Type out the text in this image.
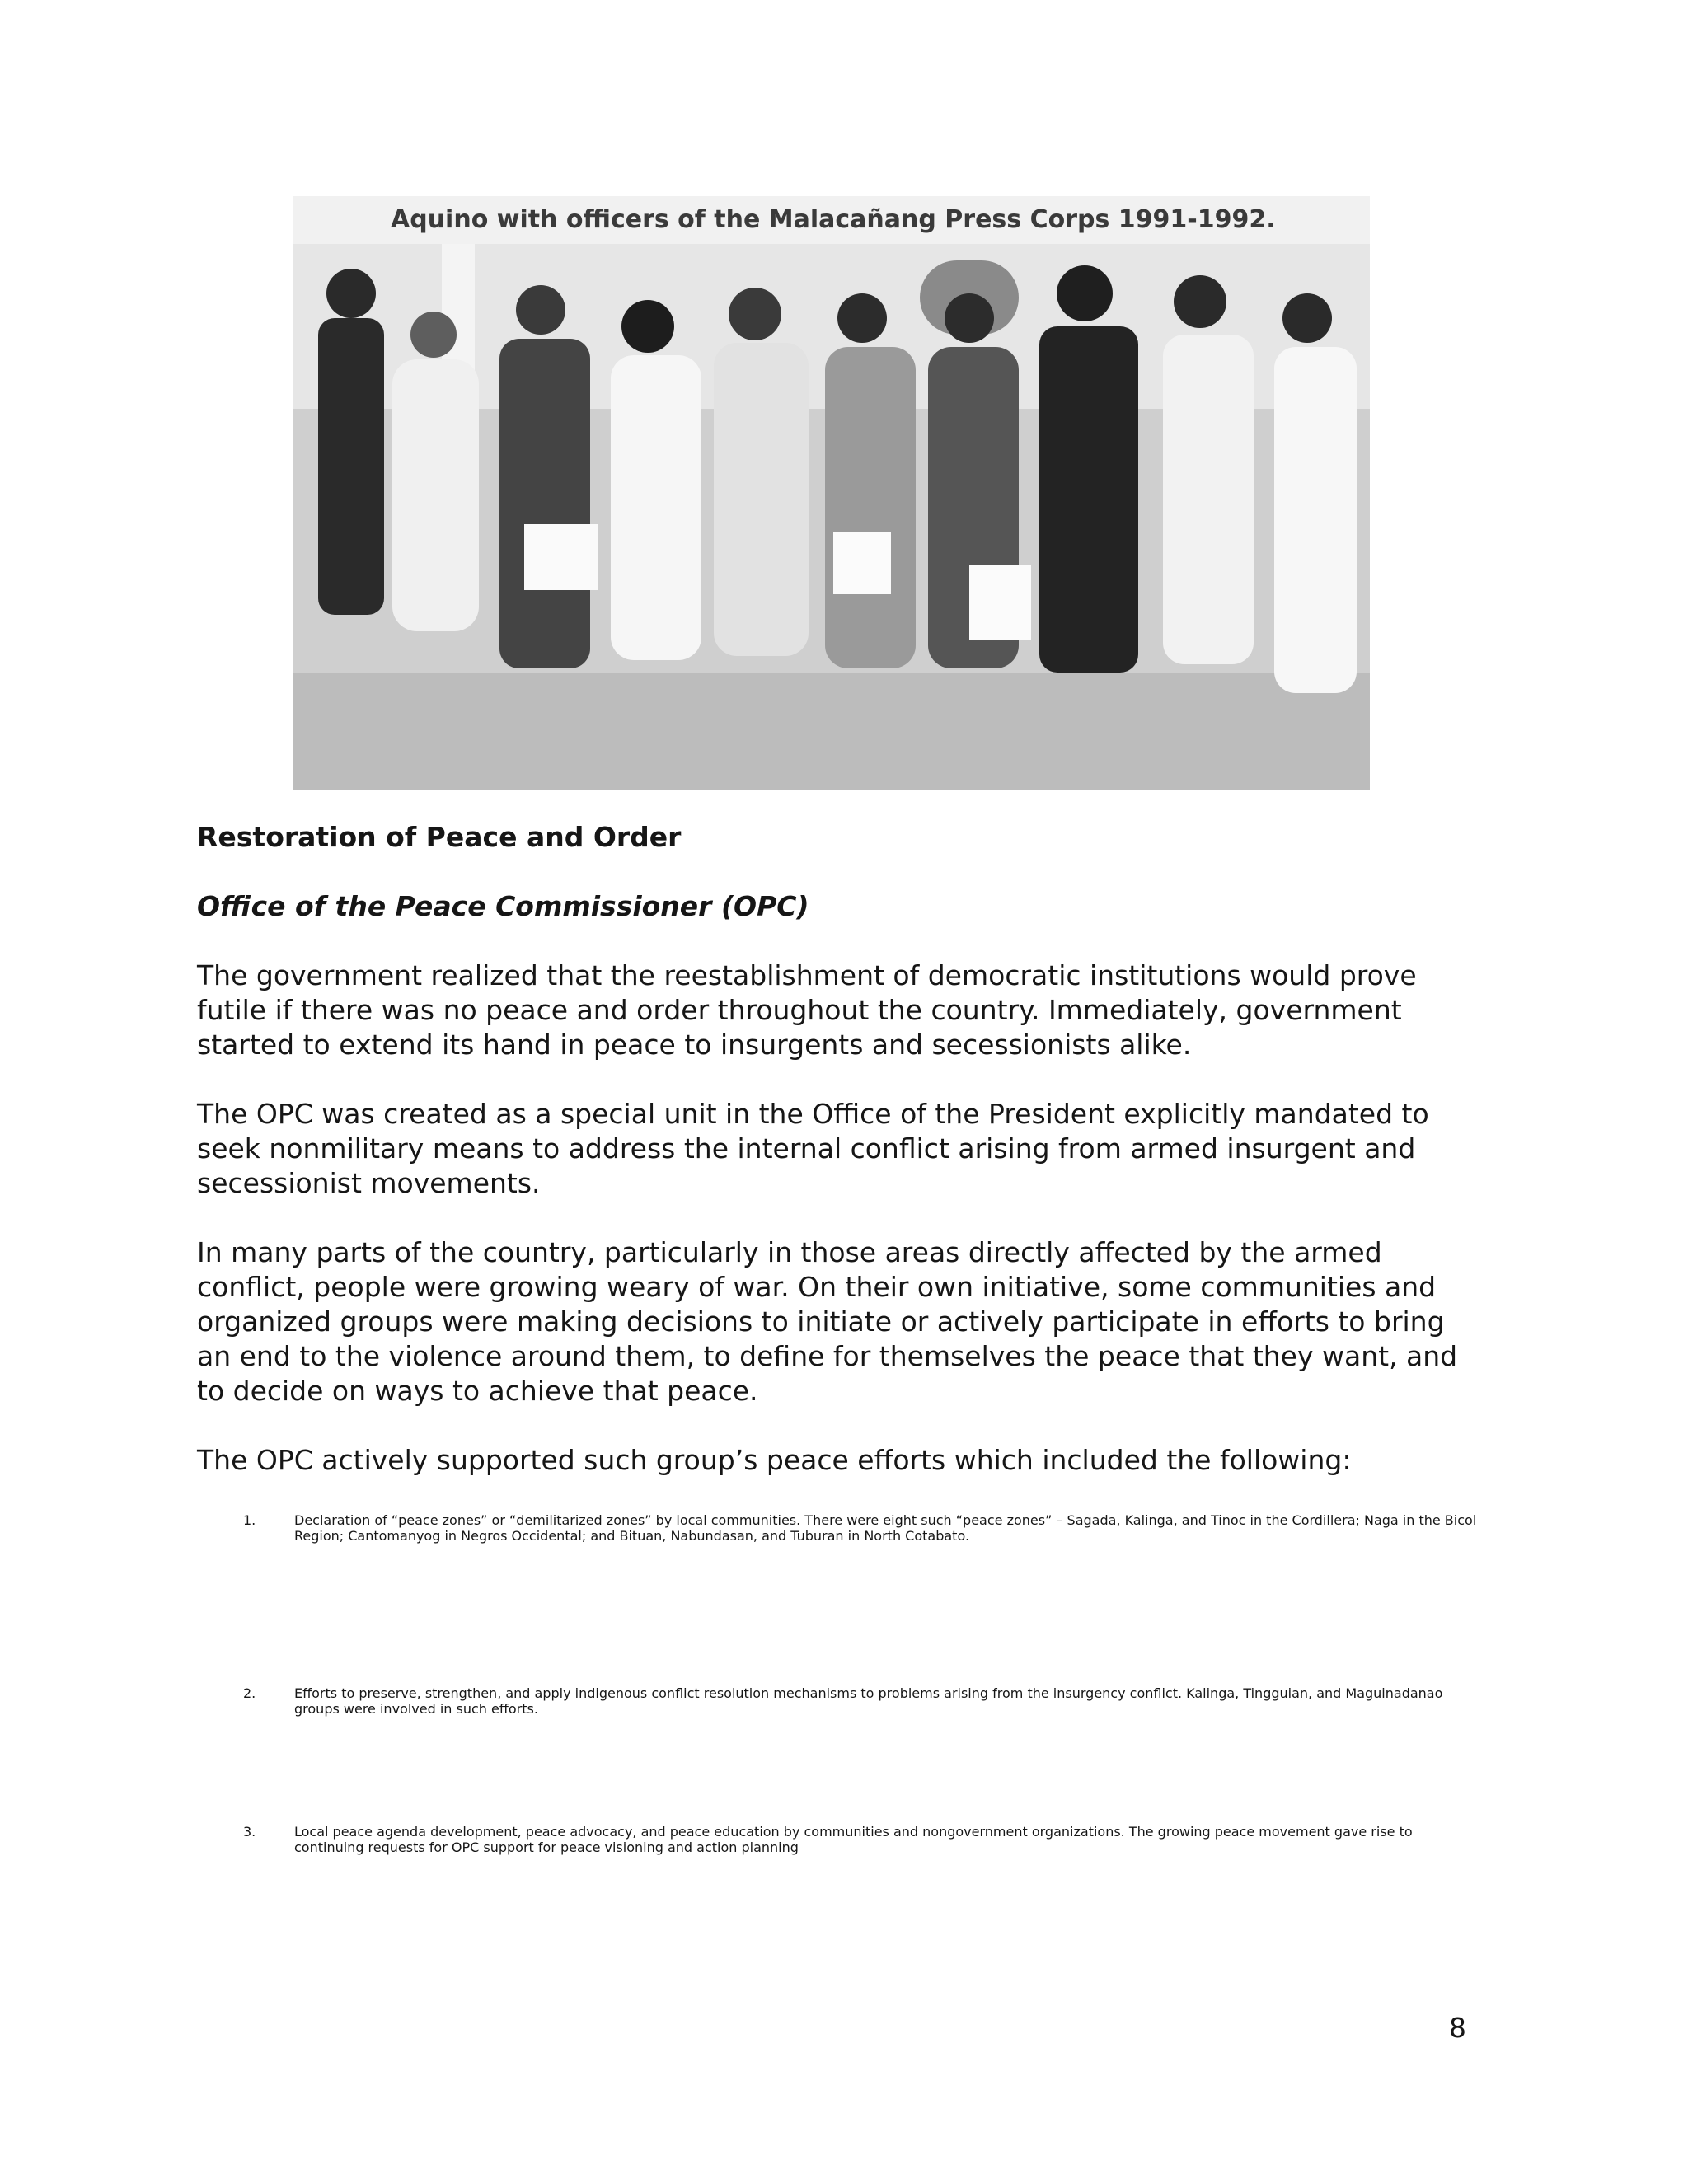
Aquino with officers of the Malacañang Press Corps 1991-1992.
Restoration of Peace and Order
Office of the Peace Commissioner (OPC)

The government realized that the reestablishment of democratic institutions would prove futile if there was no peace and order throughout the country. Immediately, government started to extend its hand in peace to insurgents and secessionists alike.

The OPC was created as a special unit in the Office of the President explicitly mandated to seek nonmilitary means to address the internal conflict arising from armed insurgent and secessionist movements.

In many parts of the country, particularly in those areas directly affected by the armed conflict, people were growing weary of war. On their own initiative, some communities and organized groups were making decisions to initiate or actively participate in efforts to bring an end to the violence around them, to define for themselves the peace that they want, and to decide on ways to achieve that peace.

The OPC actively supported such group’s peace efforts which included the following:

1.	Declaration of “peace zones” or “demilitarized zones” by local communities. There were eight such “peace zones” – Sagada, Kalinga, and Tinoc in the Cordillera; Naga in the Bicol Region; Cantomanyog in Negros Occidental; and Bituan, Nabundasan, and Tuburan in North Cotabato.
2.	Efforts to preserve, strengthen, and apply indigenous conflict resolution mechanisms to problems arising from the insurgency conflict. Kalinga, Tingguian, and Maguinadanao groups were involved in such efforts.
3.	Local peace agenda development, peace advocacy, and peace education by communities and nongovernment organizations. The growing peace movement gave rise to continuing requests for OPC support for peace visioning and action planning
8
